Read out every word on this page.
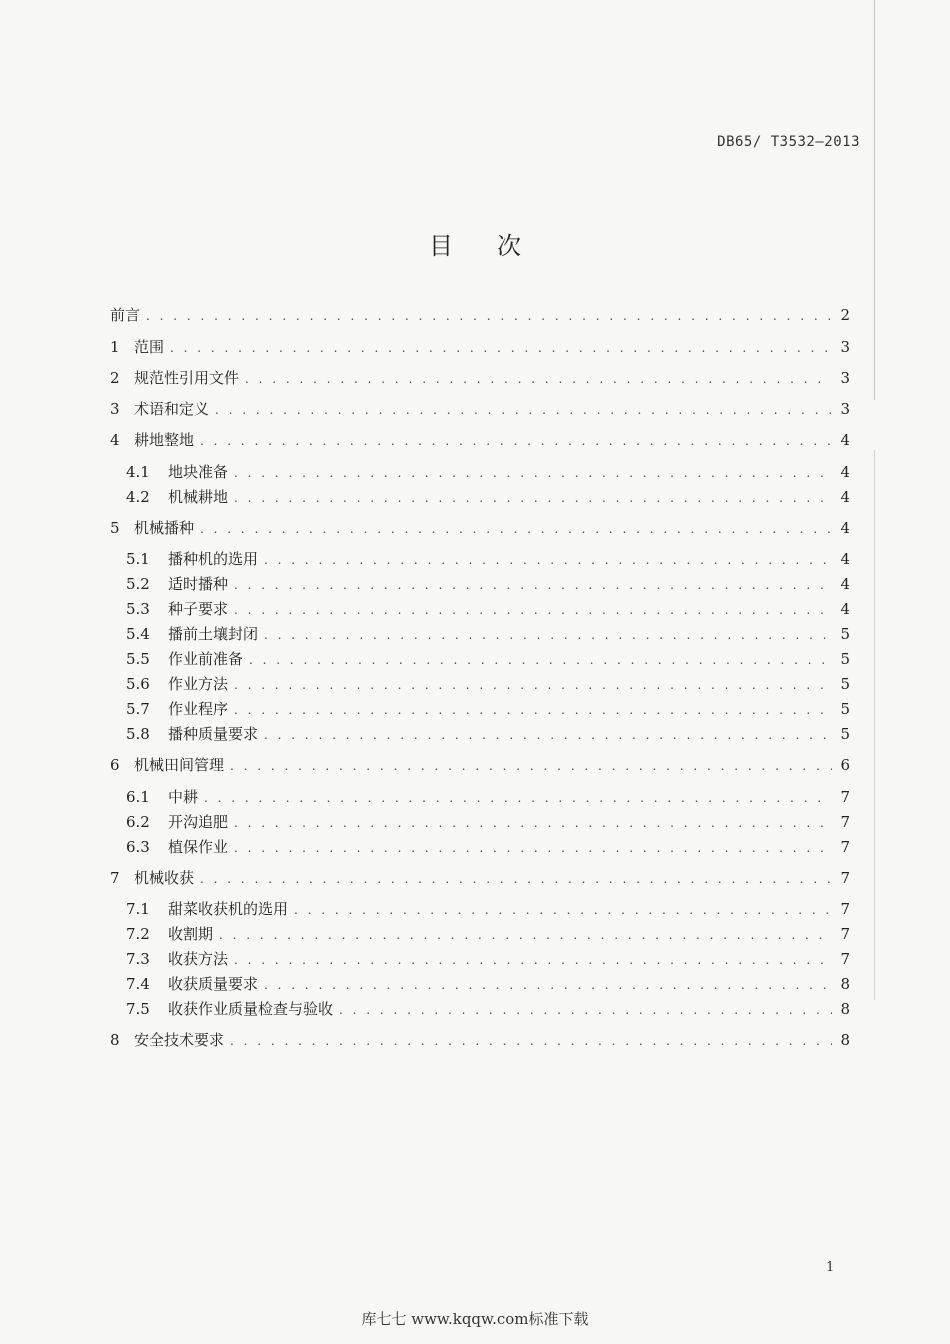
DB65/ T3532—2013
目次
前言 . . .	2
1 范围 . . .	3
2 规范性引用文件 . . .	3
3 术语和定义 . . .	3
4 耕地整地 . . .	4
4.1	地块准备 . . .	4
4.2	机械耕地 . . .	4
5 机械播种 . . .	4
5.1	播种机的选用 . . .	4
5.2	适时播种 . . .	4
5.3	种子要求 . . .	4
5.4	播前土壤封闭 . . .	5
5.5	作业前准备 . . .	5
5.6	作业方法 . . .	5
5.7	作业程序 . . .	5
5.8	播种质量要求 . . .	5
6 机械田间管理 . . .	6
6.1	中耕 . . .	7
6.2	开沟追肥 . . .	7
6.3	植保作业 . . .	7
7 机械收获 . . .	7
7.1	甜菜收获机的选用 . . .	7
7.2	收割期 . . .	7
7.3	收获方法 . . .	7
7.4	收获质量要求 . . .	8
7.5	收获作业质量检查与验收 . . .	8
8 安全技术要求 . . .	8
1
库七七 www.kqqw.com标准下载
